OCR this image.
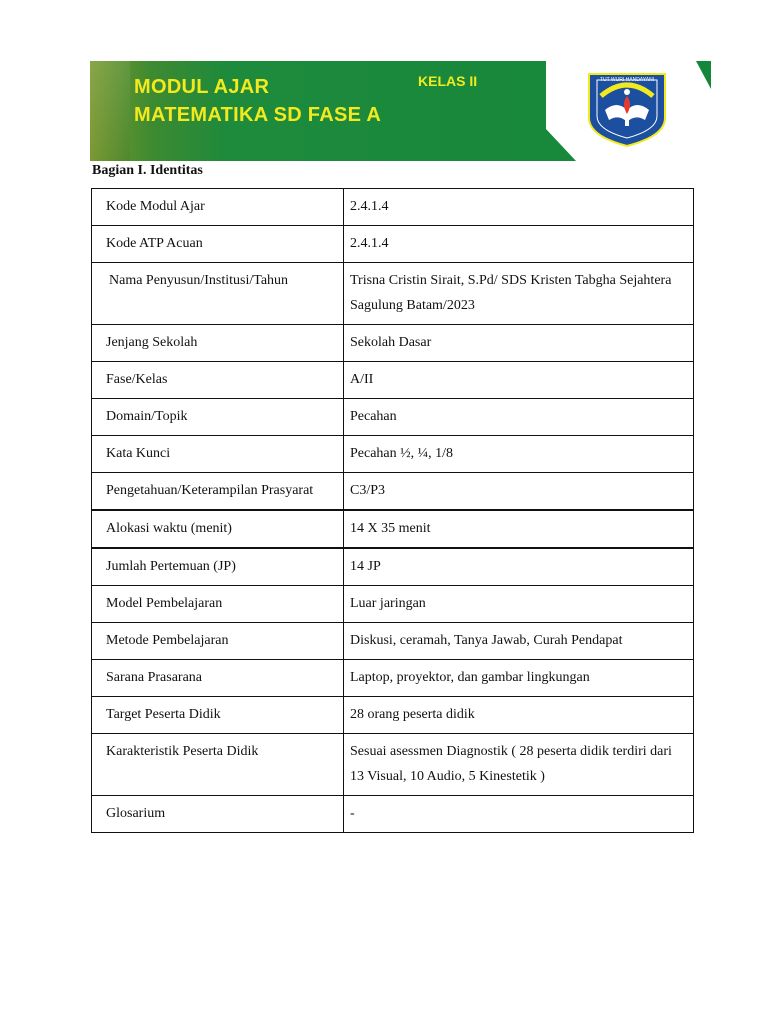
MODUL AJAR
MATEMATIKA SD FASE A
KELAS II	TUT WURI HANDAYANI
Bagian I. Identitas
Kode Modul Ajar	2.4.1.4
Kode ATP Acuan	2.4.1.4
Nama Penyusun/Institusi/Tahun	Trisna Cristin Sirait, S.Pd/ SDS Kristen Tabgha Sejahtera Sagulung Batam/2023
Jenjang Sekolah	Sekolah Dasar
Fase/Kelas	A/II
Domain/Topik	Pecahan
Kata Kunci	Pecahan ½, ¼, 1/8
Pengetahuan/Keterampilan Prasyarat	C3/P3
Alokasi waktu (menit)	14 X 35 menit
Jumlah Pertemuan (JP)	14 JP
Model Pembelajaran	Luar jaringan
Metode Pembelajaran	Diskusi, ceramah, Tanya Jawab, Curah Pendapat
Sarana Prasarana	Laptop, proyektor, dan gambar lingkungan
Target Peserta Didik	28 orang peserta didik
Karakteristik Peserta Didik	Sesuai asessmen Diagnostik ( 28 peserta didik terdiri dari 13 Visual, 10 Audio, 5 Kinestetik )
Glosarium	-
